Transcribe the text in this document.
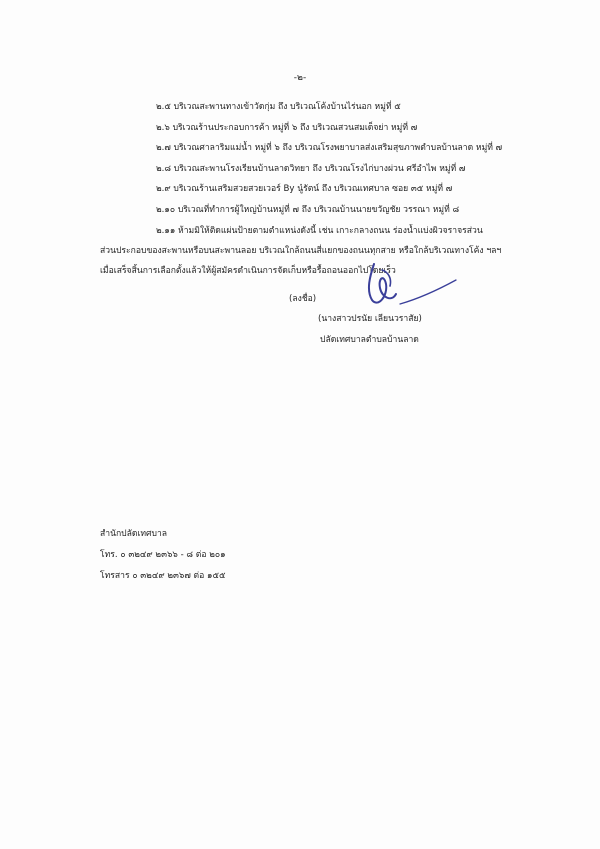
-๒-
๒.๕ บริเวณสะพานทางเข้าวัดกุ่ม ถึง บริเวณโค้งบ้านไร่นอก หมู่ที่ ๕
๒.๖ บริเวณร้านประกอบการค้า หมู่ที่ ๖ ถึง บริเวณสวนสมเด็จย่า หมู่ที่ ๗
๒.๗ บริเวณศาลาริมแม่น้ำ หมู่ที่ ๖ ถึง บริเวณโรงพยาบาลส่งเสริมสุขภาพตำบลบ้านลาด หมู่ที่ ๗
๒.๘ บริเวณสะพานโรงเรียนบ้านลาดวิทยา ถึง บริเวณโรงไก่บางผ่วน ศรีอำไพ หมู่ที่ ๗
๒.๙ บริเวณร้านเสริมสวยสวยเวอร์ By นู๋รัตน์ ถึง บริเวณเทศบาล ซอย ๓๕ หมู่ที่ ๗
๒.๑๐ บริเวณที่ทำการผู้ใหญ่บ้านหมู่ที่ ๗ ถึง บริเวณบ้านนายขวัญชัย วรรณา หมู่ที่ ๘
๒.๑๑ ห้ามมิให้ติดแผ่นป้ายตามตำแหน่งดังนี้ เช่น เกาะกลางถนน ร่องน้ำแบ่งผิวจราจรส่วน
ส่วนประกอบของสะพานหรือบนสะพานลอย บริเวณใกล้ถนนสี่แยกของถนนทุกสาย หรือใกล้บริเวณทางโค้ง ฯลฯ
เมื่อเสร็จสิ้นการเลือกตั้งแล้วให้ผู้สมัครดำเนินการจัดเก็บหรือรื้อถอนออกไปโดยเร็ว
(ลงชื่อ)
(นางสาวปรนัย เลียนวราสัย)
ปลัดเทศบาลตำบลบ้านลาด
สำนักปลัดเทศบาล
โทร. ๐ ๓๒๔๙ ๒๓๖๖ - ๘ ต่อ ๒๐๑
โทรสาร ๐ ๓๒๔๙ ๒๓๖๗ ต่อ ๑๕๕
